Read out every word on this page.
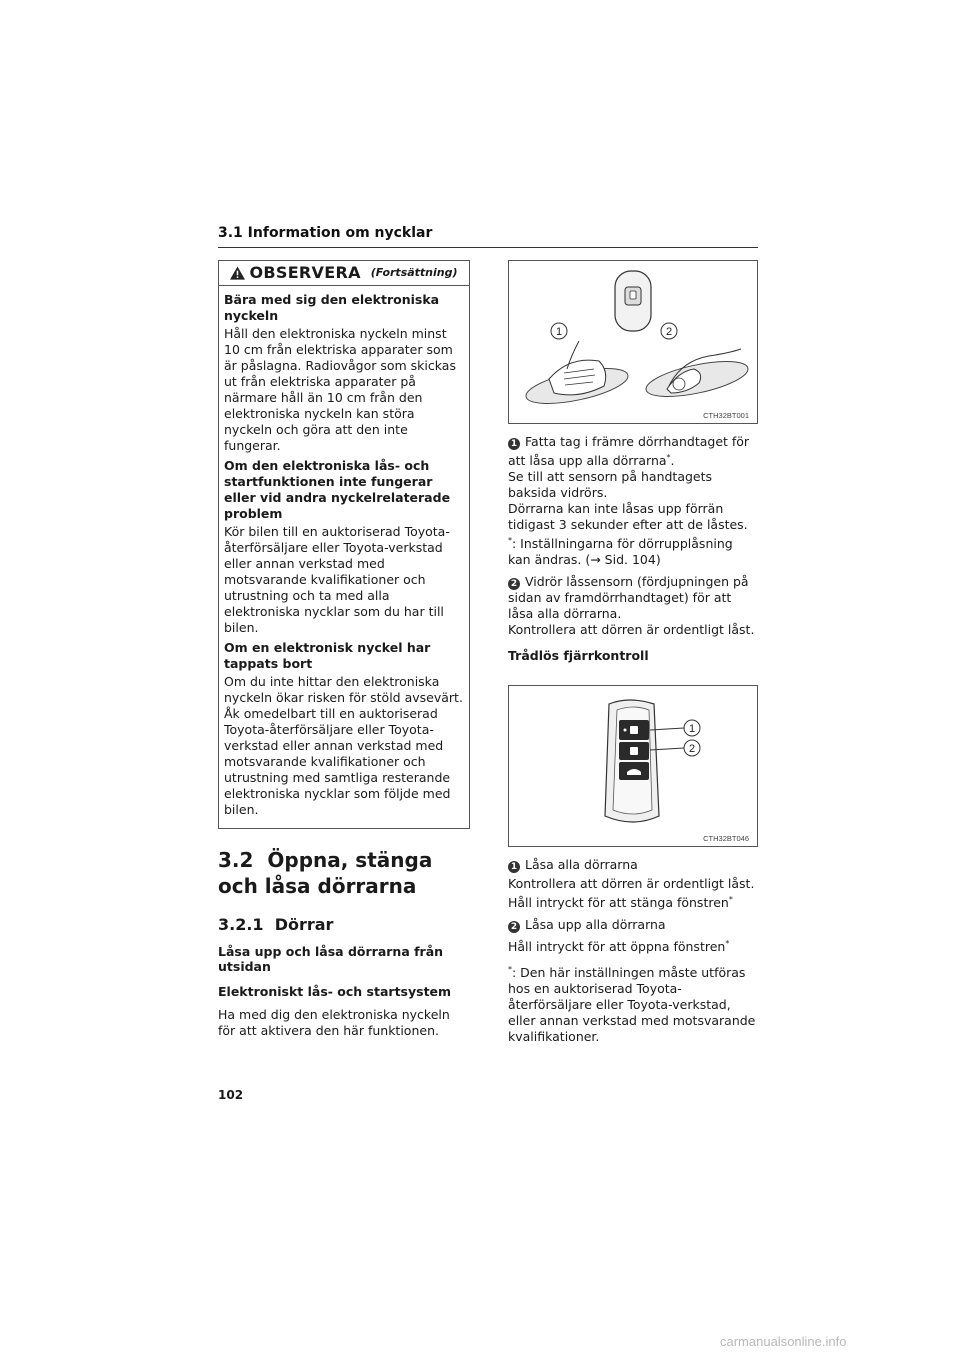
3.1 Information om nycklar
OBSERVERA (Fortsättning)
Bära med sig den elektroniska nyckeln

Håll den elektroniska nyckeln minst 10 cm från elektriska apparater som är påslagna. Radiovågor som skickas ut från elektriska apparater på närmare håll än 10 cm från den elektroniska nyckeln kan störa nyckeln och göra att den inte fungerar.

Om den elektroniska lås- och startfunktionen inte fungerar eller vid andra nyckelrelaterade problem

Kör bilen till en auktoriserad Toyota-återförsäljare eller Toyota-verkstad eller annan verkstad med motsvarande kvalifikationer och utrustning och ta med alla elektroniska nycklar som du har till bilen.

Om en elektronisk nyckel har tappats bort

Om du inte hittar den elektroniska nyckeln ökar risken för stöld avsevärt. Åk omedelbart till en auktoriserad Toyota-återförsäljare eller Toyota-verkstad eller annan verkstad med motsvarande kvalifikationer och utrustning med samtliga resterande elektroniska nycklar som följde med bilen.

3.2 Öppna, stänga och låsa dörrarna
3.2.1 Dörrar

Låsa upp och låsa dörrarna från utsidan

Elektroniskt lås- och startsystem

Ha med dig den elektroniska nyckeln för att aktivera den här funktionen.

1	2
CTH32BT001

1 Fatta tag i främre dörrhandtaget för att låsa upp alla dörrarna*.

Se till att sensorn på handtagets baksida vidrörs.

Dörrarna kan inte låsas upp förrän tidigast 3 sekunder efter att de låstes.

*: Inställningarna för dörrupplåsning kan ändras. (→ Sid. 104)

2 Vidrör låssensorn (fördjupningen på sidan av framdörrhandtaget) för att låsa alla dörrarna.

Kontrollera att dörren är ordentligt låst.

Trådlös fjärrkontroll

1
2
CTH32BT046

1 Låsa alla dörrarna

Kontrollera att dörren är ordentligt låst.

Håll intryckt för att stänga fönstren*

2 Låsa upp alla dörrarna

Håll intryckt för att öppna fönstren*

*: Den här inställningen måste utföras hos en auktoriserad Toyota-återförsäljare eller Toyota-verkstad, eller annan verkstad med motsvarande kvalifikationer.

102
carmanualsonline.info
